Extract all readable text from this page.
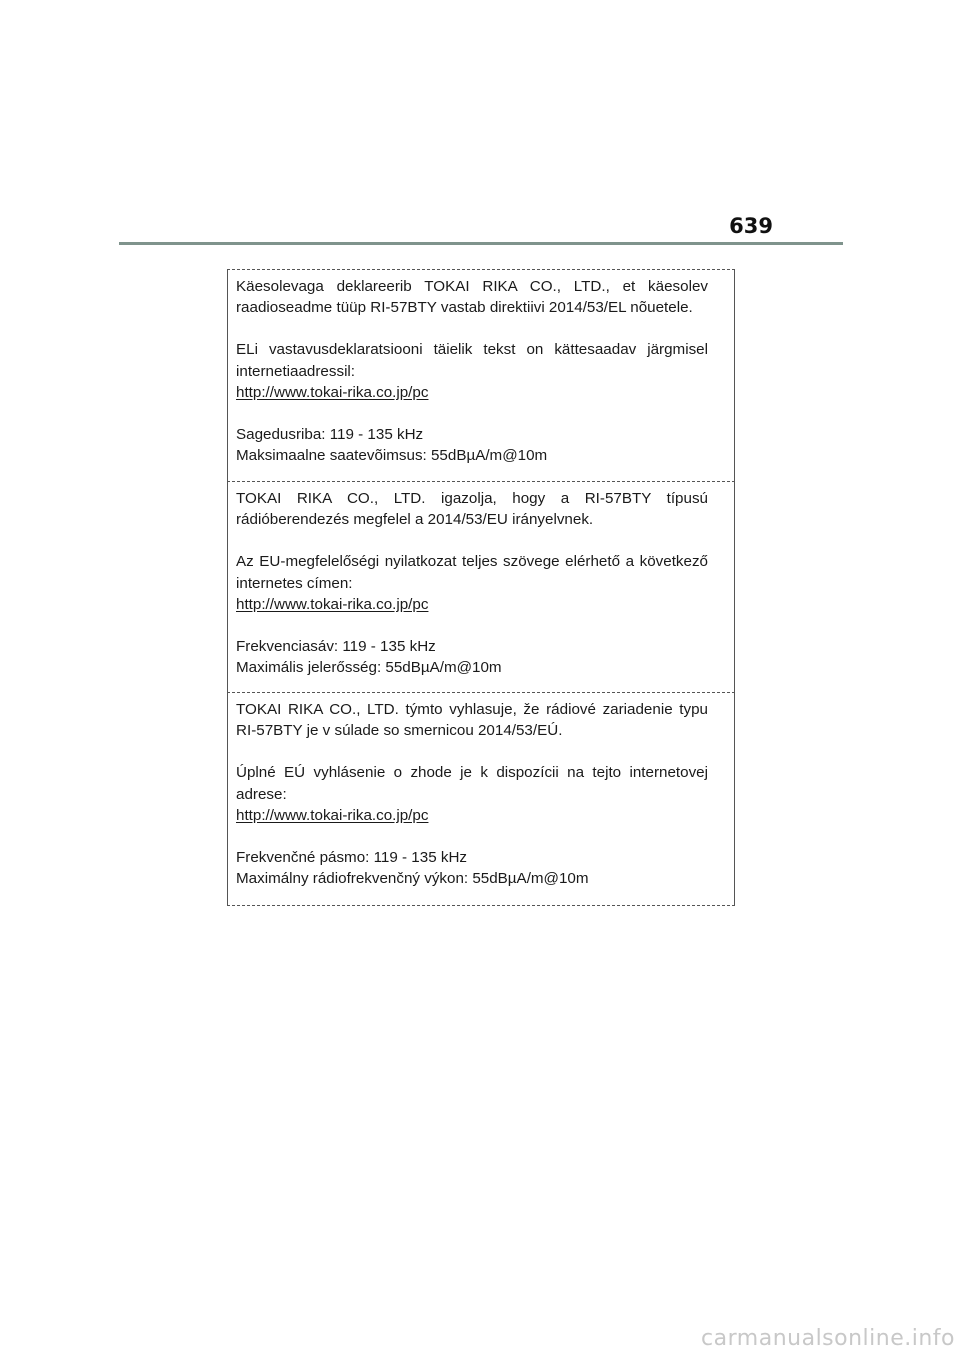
639

Käesolevaga deklareerib TOKAI RIKA CO., LTD., et käesolev raadioseadme tüüp RI-57BTY vastab direktiivi 2014/53/EL nõuetele.

ELi vastavusdeklaratsiooni täielik tekst on kättesaadav järgmisel internetiaadressil:

http://www.tokai-rika.co.jp/pc

Sagedusriba: 119 - 135 kHz

Maksimaalne saatevõimsus: 55dBµA/m@10m

TOKAI RIKA CO., LTD. igazolja, hogy a RI-57BTY típusú rádióberendezés megfelel a 2014/53/EU irányelvnek.

Az EU-megfelelőségi nyilatkozat teljes szövege elérhető a következő internetes címen:

http://www.tokai-rika.co.jp/pc

Frekvenciasáv: 119 - 135 kHz

Maximális jelerősség: 55dBµA/m@10m

TOKAI RIKA CO., LTD. týmto vyhlasuje, že rádiové zariadenie typu RI-57BTY je v súlade so smernicou 2014/53/EÚ.

Úplné EÚ vyhlásenie o zhode je k dispozícii na tejto internetovej adrese:

http://www.tokai-rika.co.jp/pc

Frekvenčné pásmo: 119 - 135 kHz

Maximálny rádiofrekvenčný výkon: 55dBµA/m@10m

carmanualsonline.info
